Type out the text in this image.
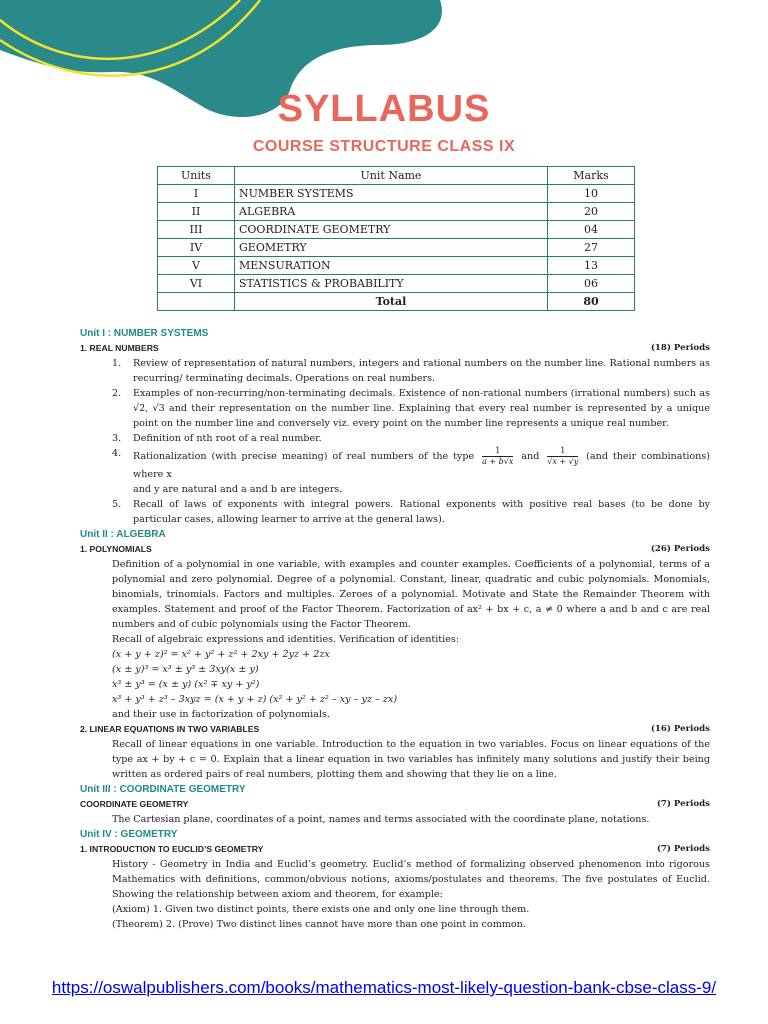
SYLLABUS
COURSE STRUCTURE CLASS IX
Units	Unit Name	Marks
I	NUMBER SYSTEMS	10
II	ALGEBRA	20
III	COORDINATE GEOMETRY	04
IV	GEOMETRY	27
V	MENSURATION	13
VI	STATISTICS & PROBABILITY	06
	Total	80

Unit I : NUMBER SYSTEMS

1. REAL NUMBERS	(18) Periods
1. Review of representation of natural numbers, integers and rational numbers on the number line. Rational numbers as recurring/ terminating decimals. Operations on real numbers.
2. Examples of non-recurring/non-terminating decimals. Existence of non-rational numbers (irrational numbers) such as √2, √3 and their representation on the number line. Explaining that every real number is represented by a unique point on the number line and conversely viz. every point on the number line represents a unique real number.
3. Definition of nth root of a real number.
4. Rationalization (with precise meaning) of real numbers of the type $\frac{1}{a + b√x}$ and $\frac{1}{√x + √y} (and$ their combinations) where x
and y are natural and a and b are integers.
5. Recall of laws of exponents with integral powers. Rational exponents with positive real bases (to be done by particular cases, allowing learner to arrive at the general laws).

Unit II : ALGEBRA

1. POLYNOMIALS	(26) Periods

Definition of a polynomial in one variable, with examples and counter examples. Coefficients of a polynomial, terms of a polynomial and zero polynomial. Degree of a polynomial. Constant, linear, quadratic and cubic polynomials. Monomials, binomials, trinomials. Factors and multiples. Zeroes of a polynomial. Motivate and State the Remainder Theorem with examples. Statement and proof of the Factor Theorem. Factorization of ax² + bx + c, a ≠ 0 where a and b and c are real numbers and of cubic polynomials using the Factor Theorem.

Recall of algebraic expressions and identities. Verification of identities:

(x + y + z)² = x² + y² + z² + 2xy + 2yz + 2zx

(x ± y)³ = x³ ± y³ ± 3xy(x ± y)

x³ ± y³ = (x ± y) (x² ∓ xy + y²)

x³ + y³ + z³ – 3xyz = (x + y + z) (x² + y² + z² – xy – yz – zx)

and their use in factorization of polynomials.

2. LINEAR EQUATIONS IN TWO VARIABLES	(16) Periods

Recall of linear equations in one variable. Introduction to the equation in two variables. Focus on linear equations of the type ax + by + c = 0. Explain that a linear equation in two variables has infinitely many solutions and justify their being written as ordered pairs of real numbers, plotting them and showing that they lie on a line.

Unit III : COORDINATE GEOMETRY

COORDINATE GEOMETRY	(7) Periods

The Cartesian plane, coordinates of a point, names and terms associated with the coordinate plane, notations.

Unit IV : GEOMETRY

1. INTRODUCTION TO EUCLID’S GEOMETRY	(7) Periods

History - Geometry in India and Euclid’s geometry. Euclid’s method of formalizing observed phenomenon into rigorous Mathematics with definitions, common/obvious notions, axioms/postulates and theorems. The five postulates of Euclid. Showing the relationship between axiom and theorem, for example:

(Axiom) 1. Given two distinct points, there exists one and only one line through them.

(Theorem) 2. (Prove) Two distinct lines cannot have more than one point in common.

https://oswalpublishers.com/books/mathematics-most-likely-question-bank-cbse-class-9/
